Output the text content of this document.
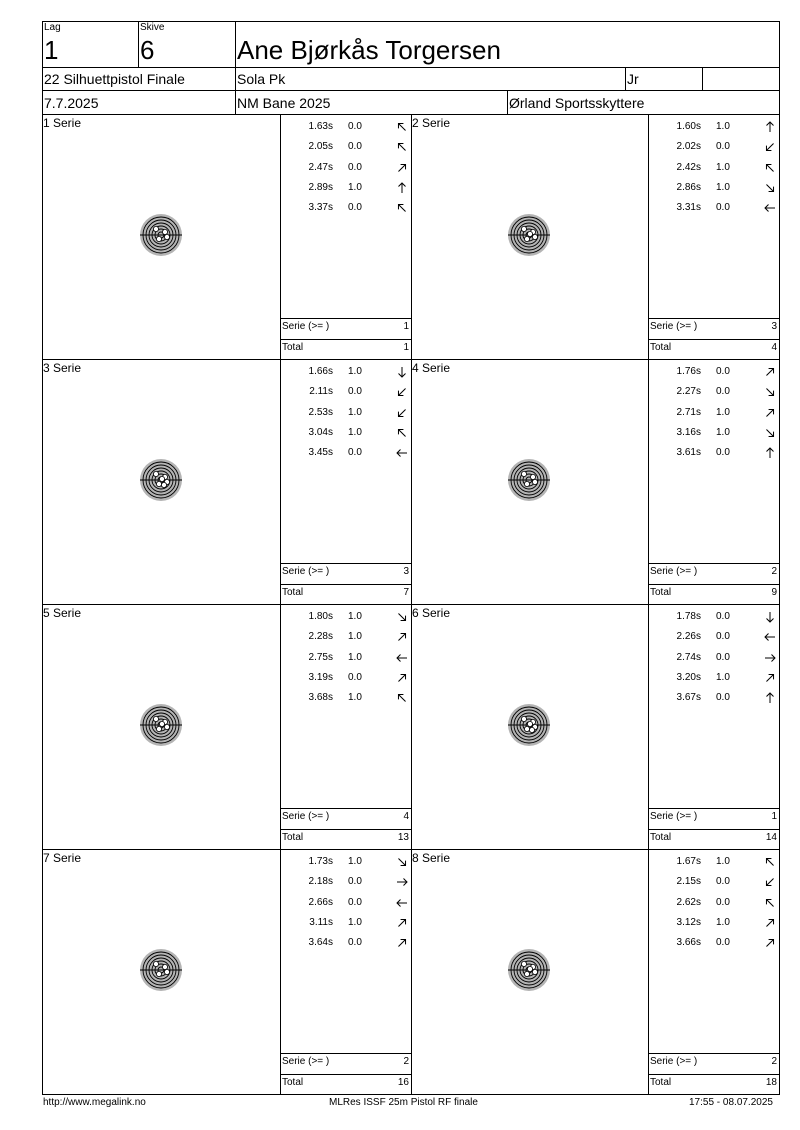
Lag
1
Skive
6	Ane Bjørkås Torgersen
22 Silhuettpistol Finale	Sola Pk	Jr
7.7.2025	NM Bane 2025	Ørland Sportsskyttere
1 Serie	1.63s 0.0
2.05s 0.0
2.47s 0.0
2.89s 1.0
3.37s 0.0
Serie (>= )	1
Total	1
2 Serie	1.60s 1.0
2.02s 0.0
2.42s 1.0
2.86s 1.0
3.31s 0.0
Serie (>= )	3
Total	4
3 Serie	1.66s 1.0
2.11s 0.0
2.53s 1.0
3.04s 1.0
3.45s 0.0
Serie (>= )	3
Total	7
4 Serie	1.76s 0.0
2.27s 0.0
2.71s 1.0
3.16s 1.0
3.61s 0.0
Serie (>= )	2
Total	9
5 Serie	1.80s 1.0
2.28s 1.0
2.75s 1.0
3.19s 0.0
3.68s 1.0
Serie (>= )	4
Total	13
6 Serie	1.78s 0.0
2.26s 0.0
2.74s 0.0
3.20s 1.0
3.67s 0.0
Serie (>= )	1
Total	14
7 Serie	1.73s 1.0
2.18s 0.0
2.66s 0.0
3.11s 1.0
3.64s 0.0
Serie (>= )	2
Total	16
8 Serie	1.67s 1.0
2.15s 0.0
2.62s 0.0
3.12s 1.0
3.66s 0.0
Serie (>= )	2
Total	18
http://www.megalink.no	MLRes ISSF 25m Pistol RF finale	17:55 - 08.07.2025
